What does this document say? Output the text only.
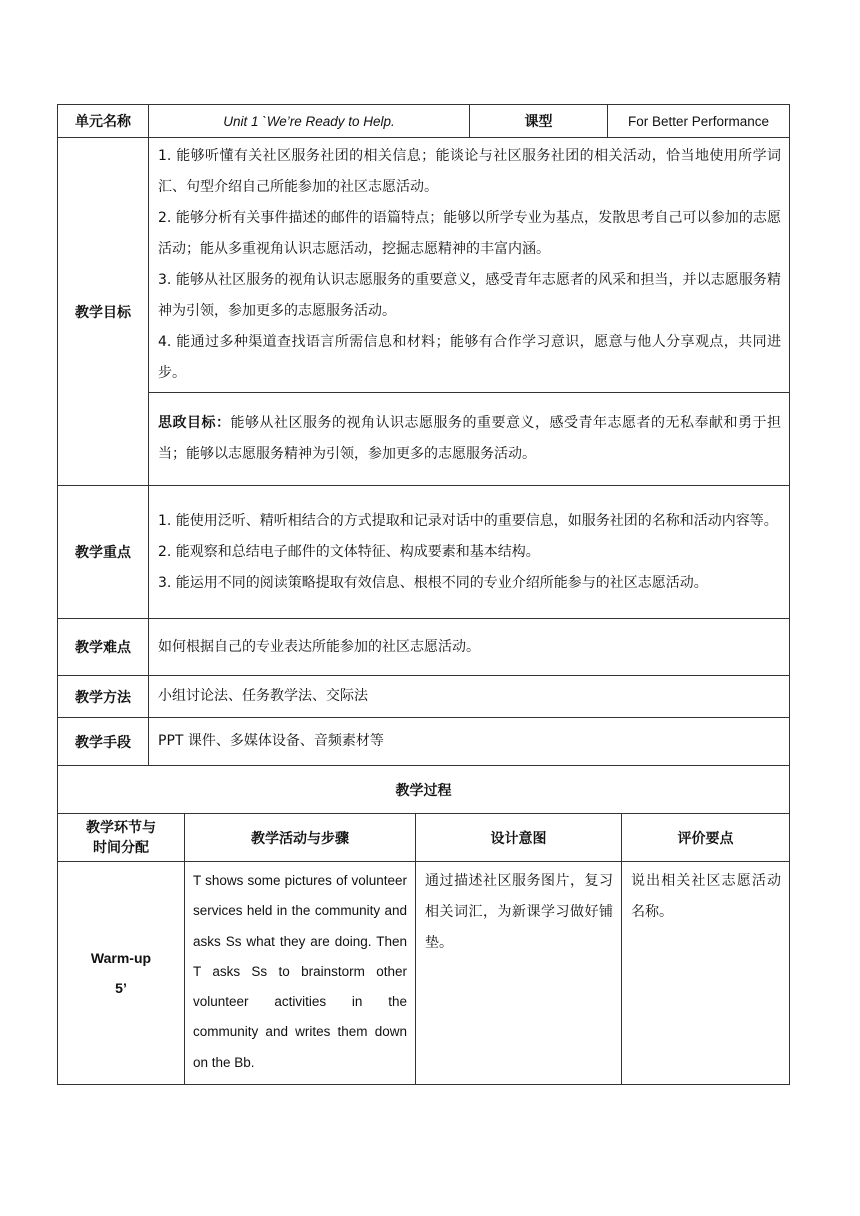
单元名称	Unit 1 `We’re Ready to Help.	课型	For Better Performance
教学目标	1. 能够听懂有关社区服务社团的相关信息；能谈论与社区服务社团的相关活动，恰当地使用所学词汇、句型介绍自己所能参加的社区志愿活动。
2. 能够分析有关事件描述的邮件的语篇特点；能够以所学专业为基点，发散思考自己可以参加的志愿活动；能从多重视角认识志愿活动，挖掘志愿精神的丰富内涵。
3. 能够从社区服务的视角认识志愿服务的重要意义，感受青年志愿者的风采和担当，并以志愿服务精神为引领，参加更多的志愿服务活动。
4. 能通过多种渠道查找语言所需信息和材料；能够有合作学习意识，愿意与他人分享观点，共同进步。		

	思政目标：能够从社区服务的视角认识志愿服务的重要意义，感受青年志愿者的无私奉献和勇于担当；能够以志愿服务精神为引领，参加更多的志愿服务活动。		
教学重点	1. 能使用泛听、精听相结合的方式提取和记录对话中的重要信息，如服务社团的名称和活动内容等。
2. 能观察和总结电子邮件的文体特征、构成要素和基本结构。
3. 能运用不同的阅读策略提取有效信息、根根不同的专业介绍所能参与的社区志愿活动。		

教学难点	如何根据自己的专业表达所能参加的社区志愿活动。		
教学方法	小组讨论法、任务教学法、交际法		
教学手段	PPT 课件、多媒体设备、音频素材等		
教学过程			
教学环节与
时间分配	教学活动与步骤	设计意图	评价要点

Warm-up
5’	T shows some pictures of volunteer services held in the community and asks Ss what they are doing. Then T asks Ss to brainstorm other volunteer activities in the community and writes them down on the Bb.	通过描述社区服务图片，复习相关词汇，为新课学习做好铺垫。	说出相关社区志愿活动名称。
